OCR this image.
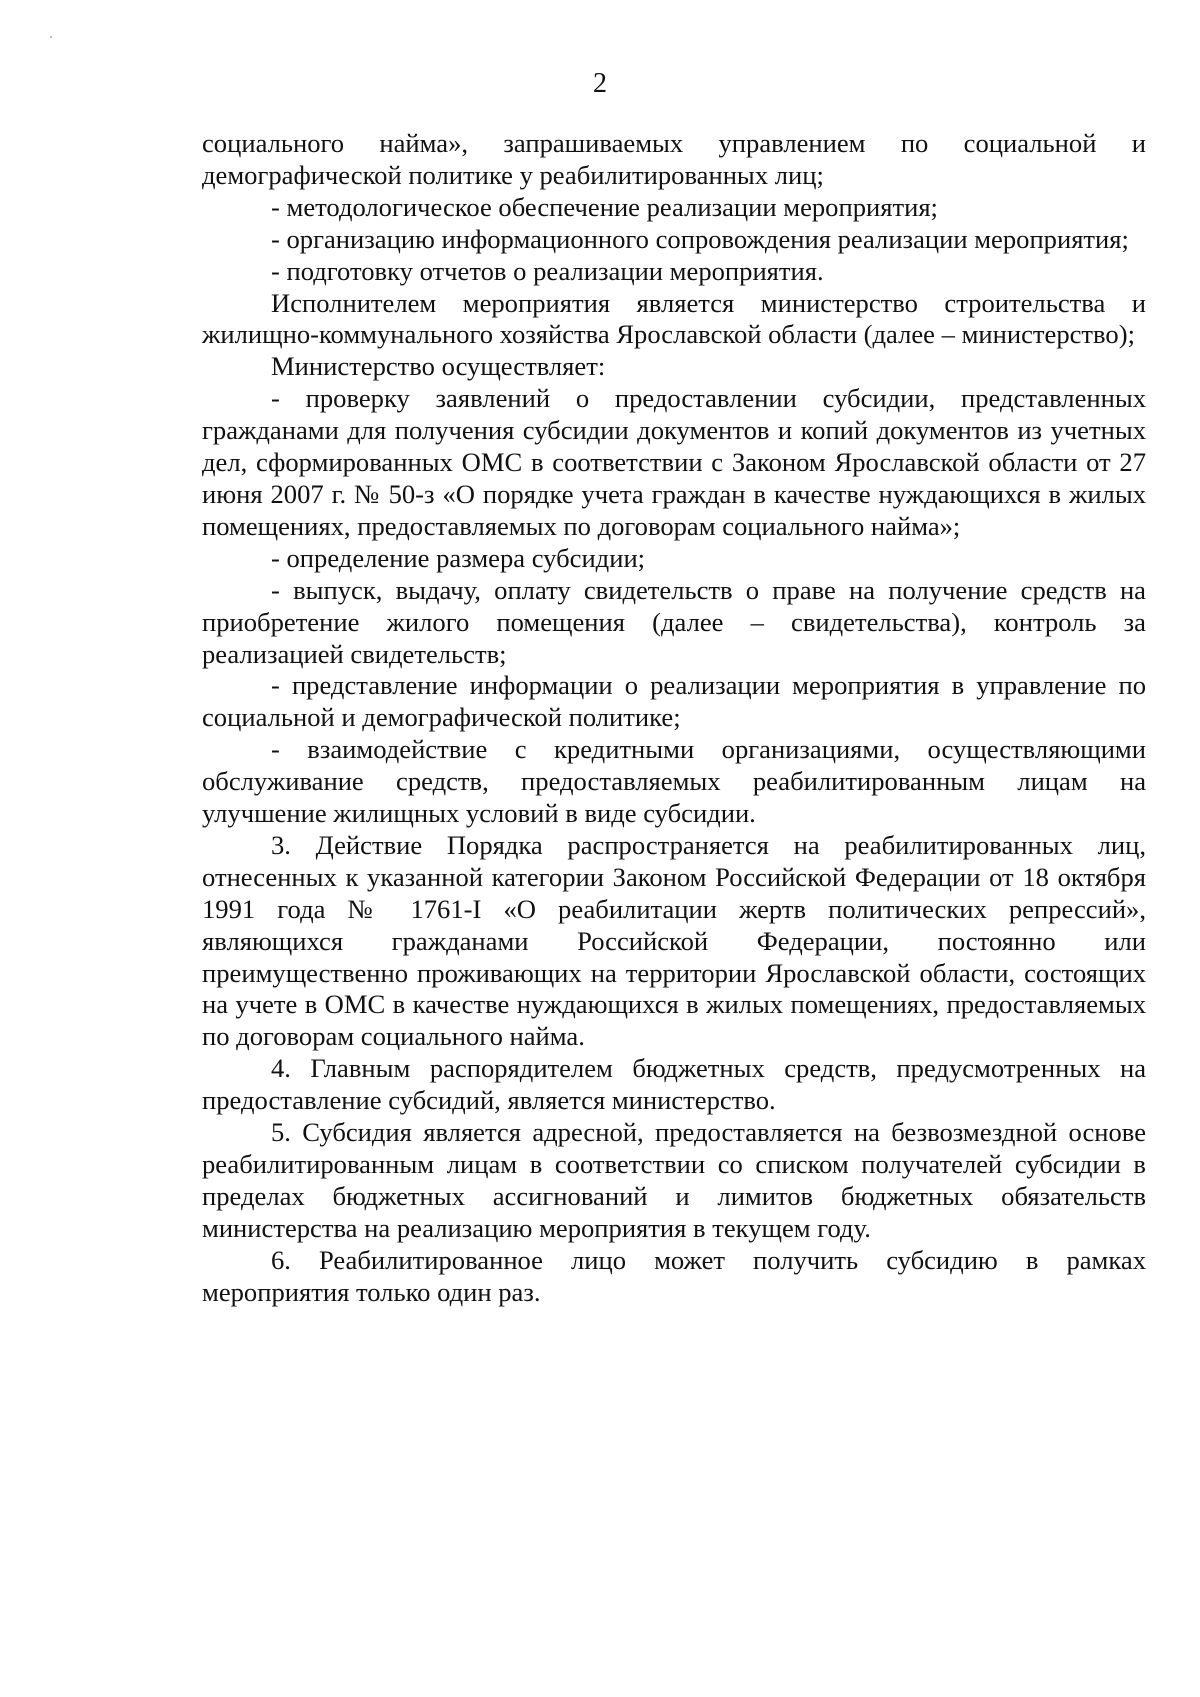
2

социального найма», запрашиваемых управлением по социальной и демографической политике у реабилитированных лиц;

- методологическое обеспечение реализации мероприятия;

- организацию информационного сопровождения реализации мероприятия;

- подготовку отчетов о реализации мероприятия.

Исполнителем мероприятия является министерство строительства и жилищно-коммунального хозяйства Ярославской области (далее – министерство);

Министерство осуществляет:

- проверку заявлений о предоставлении субсидии, представленных гражданами для получения субсидии документов и копий документов из учетных дел, сформированных ОМС в соответствии с Законом Ярославской области от 27 июня 2007 г. № 50-з «О порядке учета граждан в качестве нуждающихся в жилых помещениях, предоставляемых по договорам социального найма»;

- определение размера субсидии;

- выпуск, выдачу, оплату свидетельств о праве на получение средств на приобретение жилого помещения (далее – свидетельства), контроль за реализацией свидетельств;

- представление информации о реализации мероприятия в управление по социальной и демографической политике;

- взаимодействие с кредитными организациями, осуществляющими обслуживание средств, предоставляемых реабилитированным лицам на улучшение жилищных условий в виде субсидии.

3. Действие Порядка распространяется на реабилитированных лиц, отнесенных к указанной категории Законом Российской Федерации от 18 октября 1991 года № 1761-I «О реабилитации жертв политических репрессий», являющихся гражданами Российской Федерации, постоянно или преимущественно проживающих на территории Ярославской области, состоящих на учете в ОМС в качестве нуждающихся в жилых помещениях, предоставляемых по договорам социального найма.

4. Главным распорядителем бюджетных средств, предусмотренных на предоставление субсидий, является министерство.

5. Субсидия является адресной, предоставляется на безвозмездной основе реабилитированным лицам в соответствии со списком получателей субсидии в пределах бюджетных ассигнований и лимитов бюджетных обязательств министерства на реализацию мероприятия в текущем году.

6. Реабилитированное лицо может получить субсидию в рамках мероприятия только один раз.
